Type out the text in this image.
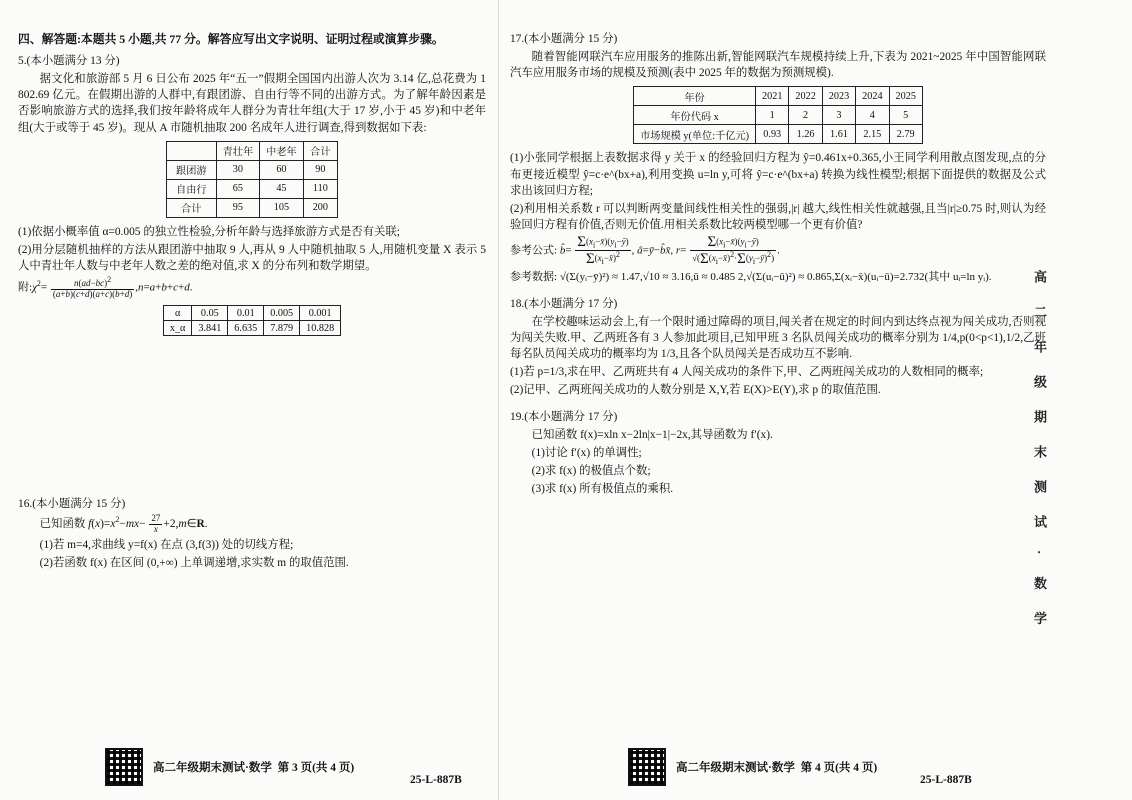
四、解答题:本题共 5 小题,共 77 分。解答应写出文字说明、证明过程或演算步骤。

5.(本小题满分 13 分)

据文化和旅游部 5 月 6 日公布 2025 年“五一”假期全国国内出游人次为 3.14 亿,总花费为 1 802.69 亿元。在假期出游的人群中,有跟团游、自由行等不同的出游方式。为了解年龄因素是否影响旅游方式的选择,我们按年龄将成年人群分为青壮年组(大于 17 岁,小于 45 岁)和中老年组(大于或等于 45 岁)。现从 A 市随机抽取 200 名成年人进行调查,得到数据如下表:

	青壮年	中老年	合计
跟团游	30	60	90
自由行	65	45	110
合计	95	105	200

(1)依据小概率值 α=0.005 的独立性检验,分析年龄与选择旅游方式是否有关联;

(2)用分层随机抽样的方法从跟团游中抽取 9 人,再从 9 人中随机抽取 5 人,用随机变量 X 表示 5 人中青壮年人数与中老年人数之差的绝对值,求 X 的分布列和数学期望。

附$:\chi^2= \frac{n(ad-bc)^2}{(a+b)(c+d)(a+c)(b+d)} ,n=a+b+c+d$.

α	0.05	0.01	0.005	0.001
x_α	3.841	6.635	7.879	10.828

16.(本小题满分 15 分)

已知函数 $f(x)=x^2-mx- \frac{27}{x}$ +2,m∈R.

(1)若 m=4,求曲线 y=f(x) 在点 (3,f(3)) 处的切线方程;

(2)若函数 f(x) 在区间 (0,+∞) 上单调递增,求实数 m 的取值范围.

17.(本小题满分 15 分)

随着智能网联汽车应用服务的推陈出新,智能网联汽车规模持续上升,下表为 2021~2025 年中国智能网联汽车应用服务市场的规模及预测(表中 2025 年的数据为预测规模).

年份	2021	2022	2023	2024	2025
年份代码 x	1	2	3	4	5
市场规模 y(单位:千亿元)	0.93	1.26	1.61	2.15	2.79

(1)小张同学根据上表数据求得 y 关于 x 的经验回归方程为 ŷ=0.461x+0.365,小王同学利用散点图发现,点的分布更接近模型 ŷ=c·e^(bx+a),利用变换 u=ln y,可将 ŷ=c·e^(bx+a) 转换为线性模型;根据下面提供的数据及公式求出该回归方程;

(2)利用相关系数 r 可以判断两变量间线性相关性的强弱,|r| 越大,线性相关性就越强,且当|r|≥0.75 时,则认为经验回归方程有价值,否则无价值.用相关系数比较两模型哪一个更有价值?

参考公式: b̂= $\frac{\Sigma (x_i-x̄)(y_i-ȳ)}{\Sigma (x_i-x̄)^2}$ , â=ȳ−b̂x̄, $r= \frac{\Sigma (x_i-x̄)(y_i-ȳ)}{√( \Sigma (x_i-x̄)^2\cdot \Sigma (y_i-ȳ)^2)}$ .

参考数据: √(Σ(yᵢ−ȳ)²) ≈ 1.47,√10 ≈ 3.16,ū ≈ 0.485 2,√(Σ(uᵢ−ū)²) ≈ 0.865,Σ(xᵢ−x̄)(uᵢ−ū)=2.732(其中 uᵢ=ln yᵢ).

18.(本小题满分 17 分)

在学校趣味运动会上,有一个限时通过障碍的项目,闯关者在规定的时间内到达终点视为闯关成功,否则视为闯关失败.甲、乙两班各有 3 人参加此项目,已知甲班 3 名队员闯关成功的概率分别为 1/4,p(0<p<1),1/2,乙班每名队员闯关成功的概率均为 1/3,且各个队员闯关是否成功互不影响.

(1)若 p=1/3,求在甲、乙两班共有 4 人闯关成功的条件下,甲、乙两班闯关成功的人数相同的概率;

(2)记甲、乙两班闯关成功的人数分别是 X,Y,若 E(X)>E(Y),求 p 的取值范围.

19.(本小题满分 17 分)

已知函数 f(x)=xln x−2ln|x−1|−2x,其导函数为 f′(x).

(1)讨论 f′(x) 的单调性;

(2)求 f(x) 的极值点个数;

(3)求 f(x) 所有极值点的乘积.	高二年级期末测试·数学
高二年级期末测试·数学 第 3 页(共 4 页)
25-L-887B
高二年级期末测试·数学 第 4 页(共 4 页)
25-L-887B
